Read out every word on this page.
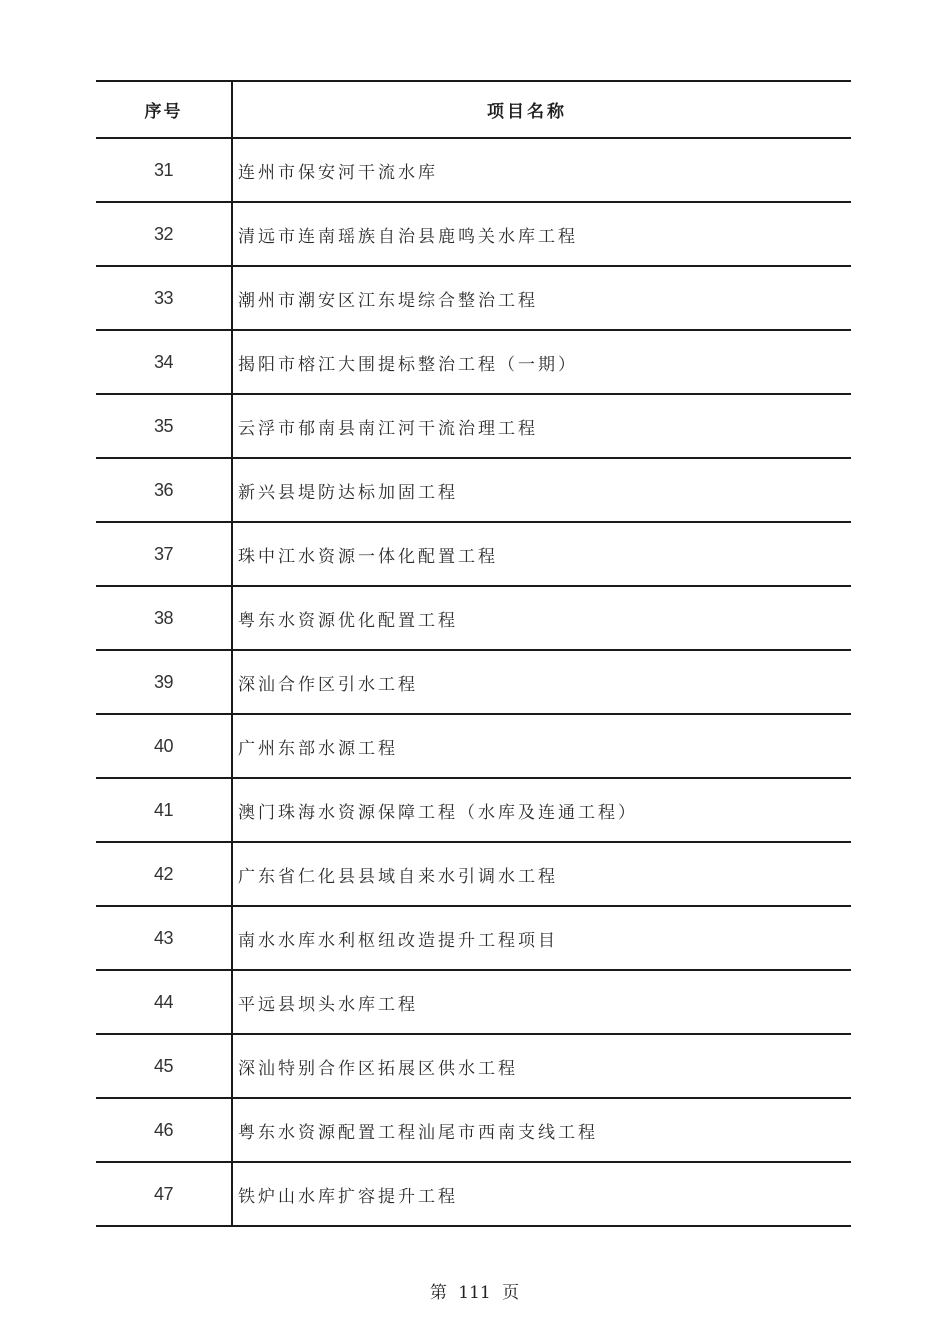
序号	项目名称
31	连州市保安河干流水库
32	清远市连南瑶族自治县鹿鸣关水库工程
33	潮州市潮安区江东堤综合整治工程
34	揭阳市榕江大围提标整治工程（一期）
35	云浮市郁南县南江河干流治理工程
36	新兴县堤防达标加固工程
37	珠中江水资源一体化配置工程
38	粤东水资源优化配置工程
39	深汕合作区引水工程
40	广州东部水源工程
41	澳门珠海水资源保障工程（水库及连通工程）
42	广东省仁化县县域自来水引调水工程
43	南水水库水利枢纽改造提升工程项目
44	平远县坝头水库工程
45	深汕特别合作区拓展区供水工程
46	粤东水资源配置工程汕尾市西南支线工程
47	铁炉山水库扩容提升工程
第 111 页
